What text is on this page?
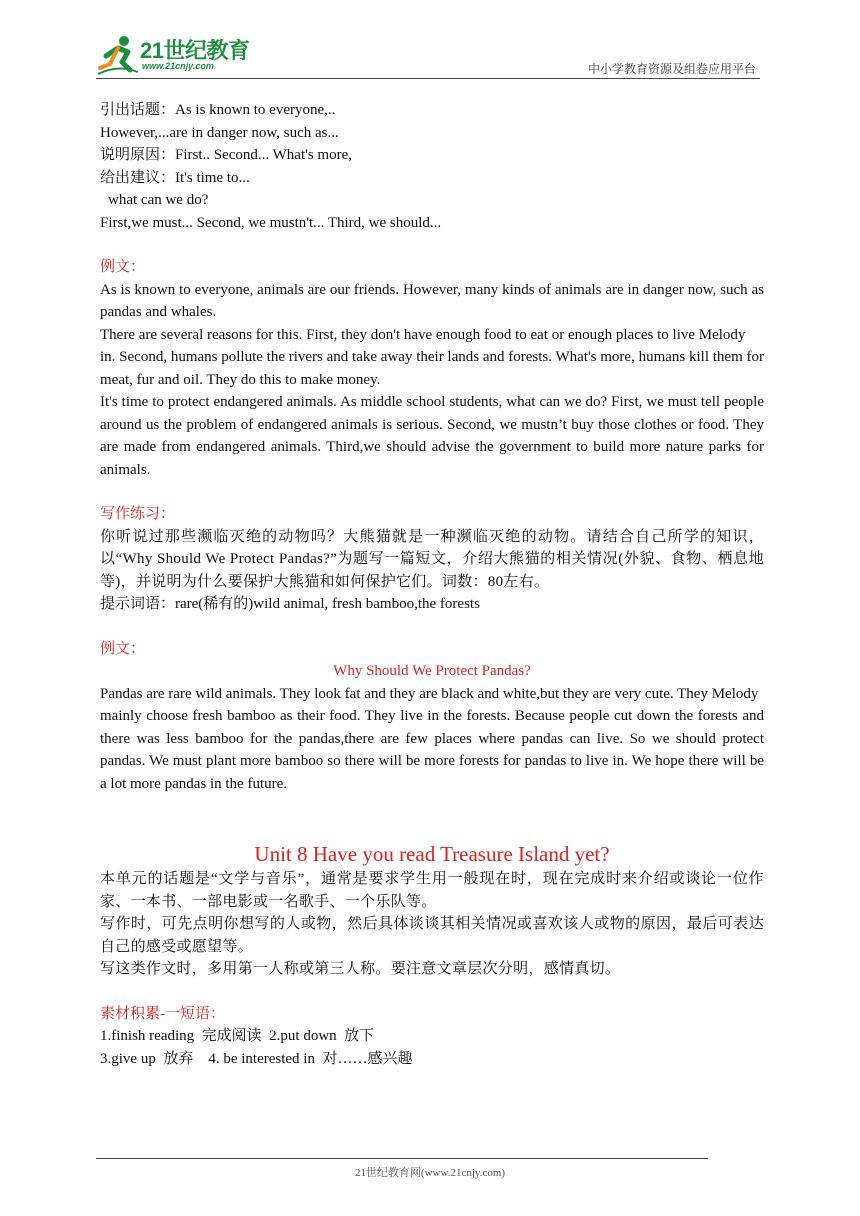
21世纪教育
www.21cnjy.com	中小学教育资源及组卷应用平台

引出话题：As is known to everyone,..

However,...are in danger now, such as...

说明原因：First.. Second... What's more,

给出建议：It's time to...

what can we do?

First,we must... Second, we mustn't... Third, we should...

例文：

As is known to everyone, animals are our friends. However, many kinds of animals are in danger now, such as pandas and whales.

There are several reasons for this. First, they don't have enough food to eat or enough places to live Melody

in. Second, humans pollute the rivers and take away their lands and forests. What's more, humans kill them for meat, fur and oil. They do this to make money.

It's time to protect endangered animals. As middle school students, what can we do? First, we must tell people around us the problem of endangered animals is serious. Second, we mustn’t buy those clothes or food. They are made from endangered animals. Third,we should advise the government to build more nature parks for animals.

写作练习：

你听说过那些濒临灭绝的动物吗？大熊猫就是一种濒临灭绝的动物。请结合自己所学的知识，以“Why Should We Protect Pandas?”为题写一篇短文，介绍大熊猫的相关情况(外貌、食物、栖息地等)，并说明为什么要保护大熊猫和如何保护它们。词数：80左右。

提示词语：rare(稀有的)wild animal, fresh bamboo,the forests

例文：

Why Should We Protect Pandas?

Pandas are rare wild animals. They look fat and they are black and white,but they are very cute. They Melody

mainly choose fresh bamboo as their food. They live in the forests. Because people cut down the forests and there was less bamboo for the pandas,there are few places where pandas can live. So we should protect pandas. We must plant more bamboo so there will be more forests for pandas to live in. We hope there will be a lot more pandas in the future.

Unit 8 Have you read Treasure Island yet?

本单元的话题是“文学与音乐”，通常是要求学生用一般现在时，现在完成时来介绍或谈论一位作家、一本书、一部电影或一名歌手、一个乐队等。

写作时，可先点明你想写的人或物，然后具体谈谈其相关情况或喜欢该人或物的原因，最后可表达自己的感受或愿望等。

写这类作文时，多用第一人称或第三人称。要注意文章层次分明，感情真切。

素材积累-一短语：

1.finish reading  完成阅读  2.put down  放下

3.give up  放弃    4. be interested in  对……感兴趣

21世纪教育网(www.21cnjy.com)
